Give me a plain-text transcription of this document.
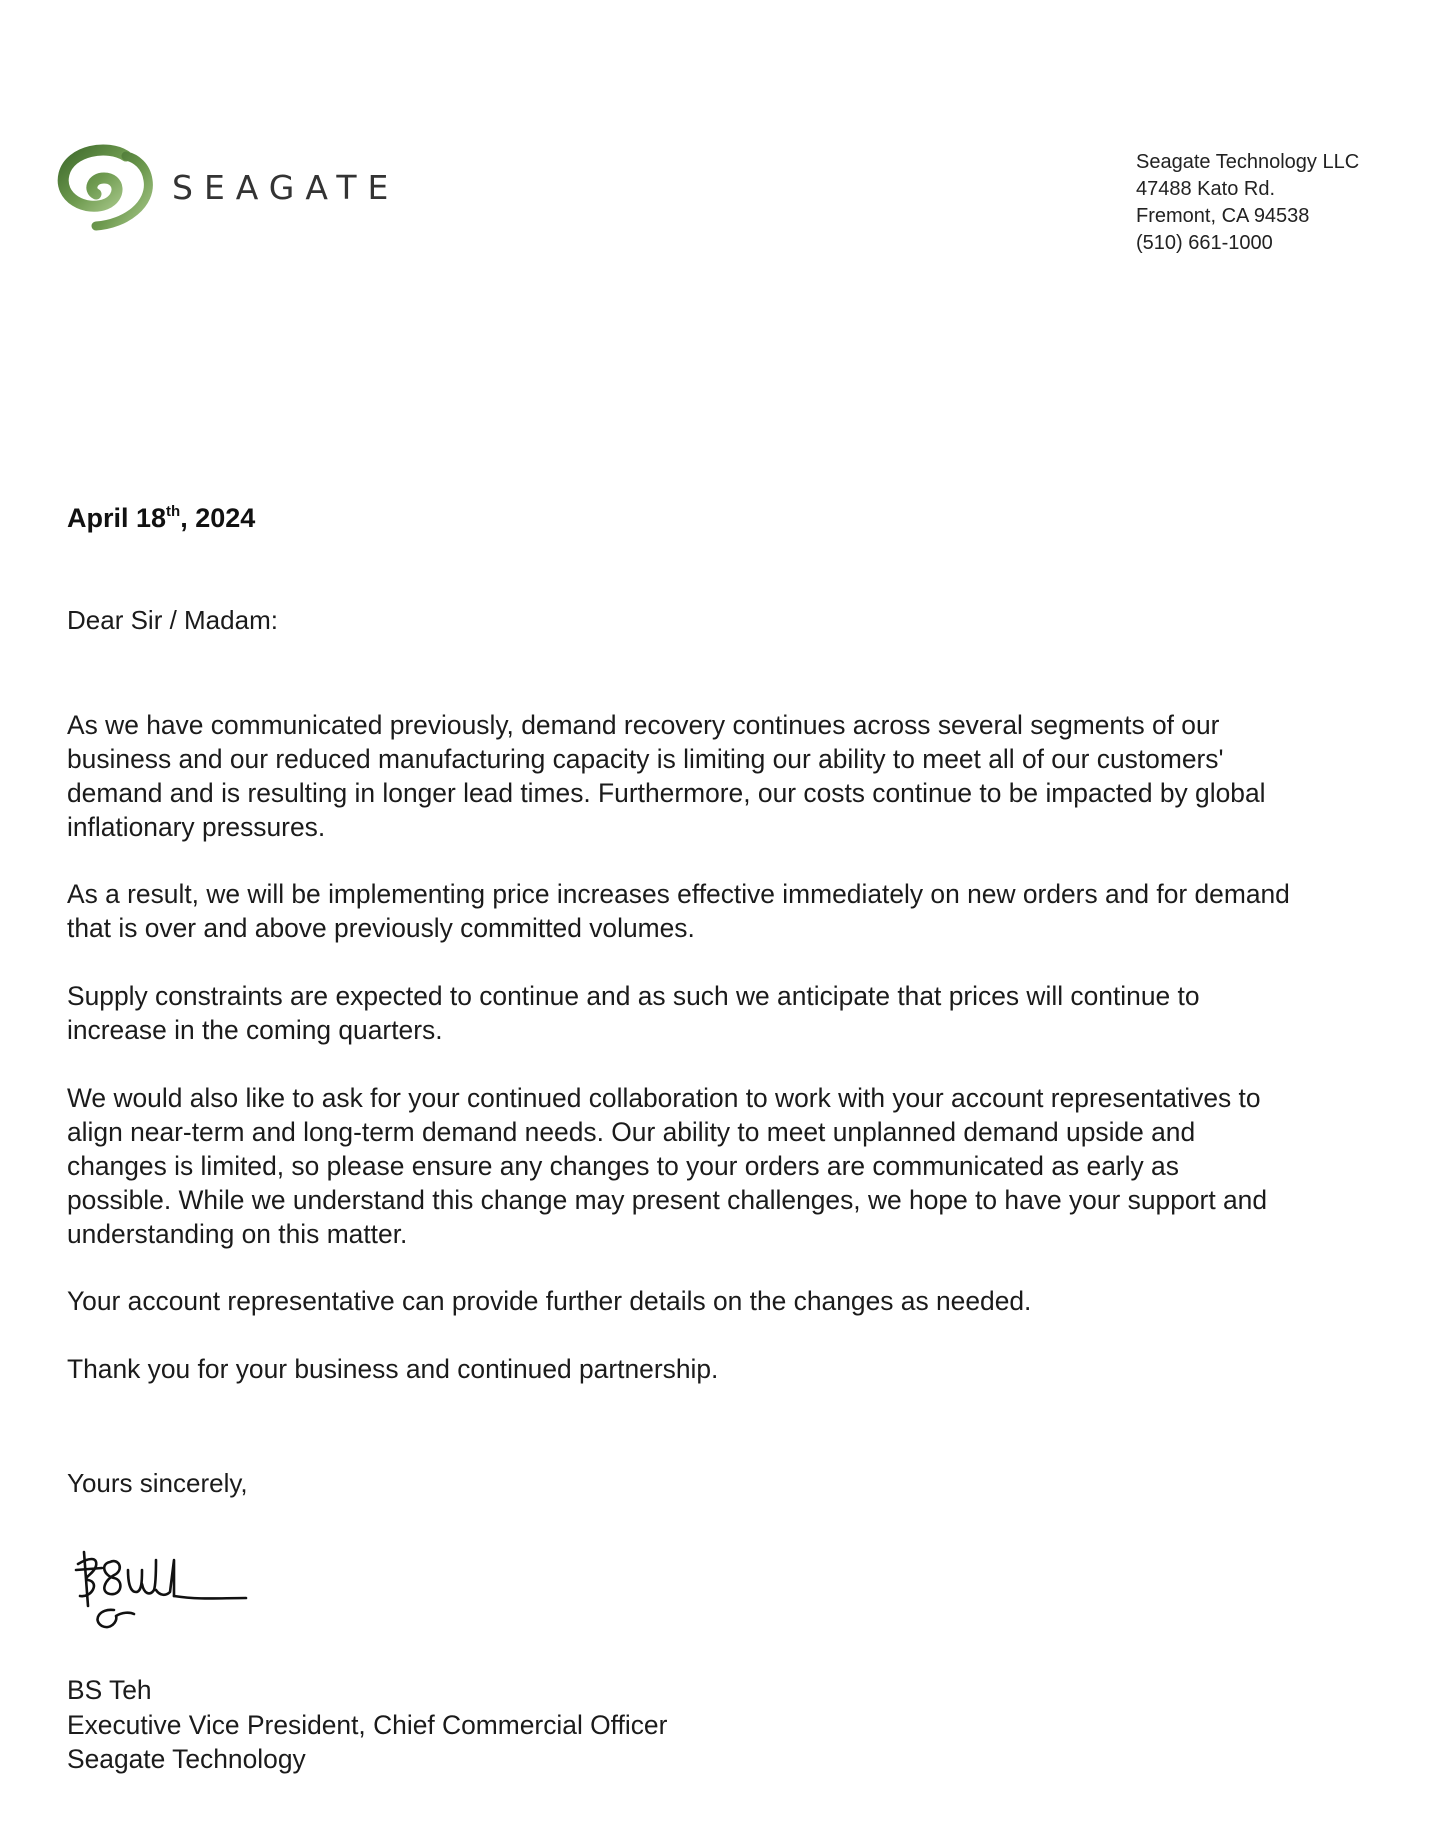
SEAGATE
Seagate Technology LLC
47488 Kato Rd.
Fremont, CA 94538
(510) 661-1000
April 18th, 2024
Dear Sir / Madam:
As we have communicated previously, demand recovery continues across several segments of our
business and our reduced manufacturing capacity is limiting our ability to meet all of our customers'
demand and is resulting in longer lead times. Furthermore, our costs continue to be impacted by global
inflationary pressures.
As a result, we will be implementing price increases effective immediately on new orders and for demand
that is over and above previously committed volumes.
Supply constraints are expected to continue and as such we anticipate that prices will continue to
increase in the coming quarters.
We would also like to ask for your continued collaboration to work with your account representatives to
align near-term and long-term demand needs. Our ability to meet unplanned demand upside and
changes is limited, so please ensure any changes to your orders are communicated as early as
possible. While we understand this change may present challenges, we hope to have your support and
understanding on this matter.
Your account representative can provide further details on the changes as needed.
Thank you for your business and continued partnership.
Yours sincerely,
BS Teh
Executive Vice President, Chief Commercial Officer
Seagate Technology
